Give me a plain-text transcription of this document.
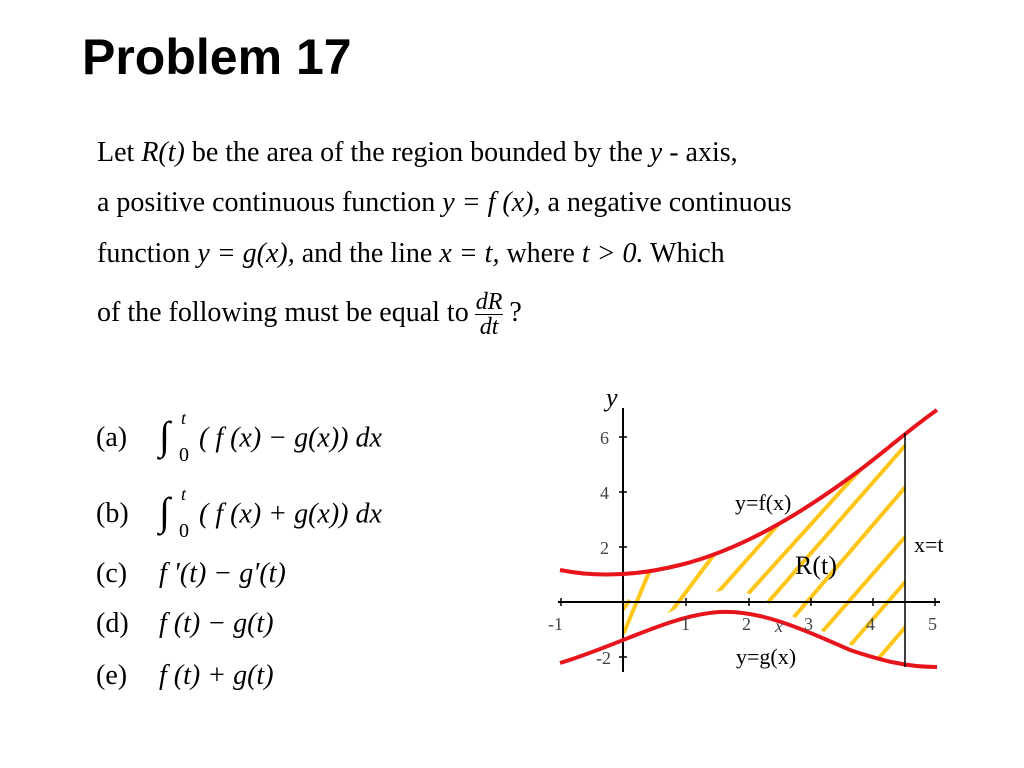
Problem 17
Let R(t) be the area of the region bounded by the y - axis,
a positive continuous function y = f (x), a negative continuous
function y = g(x), and the line x = t, where t > 0. Which
of the following must be equal to $\frac{dR}{dt}$ ?
(a) ∫ t
0
( f (x) − g(x)) dx
(b) ∫ t
0
( f (x) + g(x)) dx
(c) f ′(t) − g′(t)
(d) f (t) − g(t)
(e) f (t) + g(t)
-1	1	2	3	4	5
6
4
2
-2
y
x
y=f(x)
y=g(x)
x=t
R(t)
